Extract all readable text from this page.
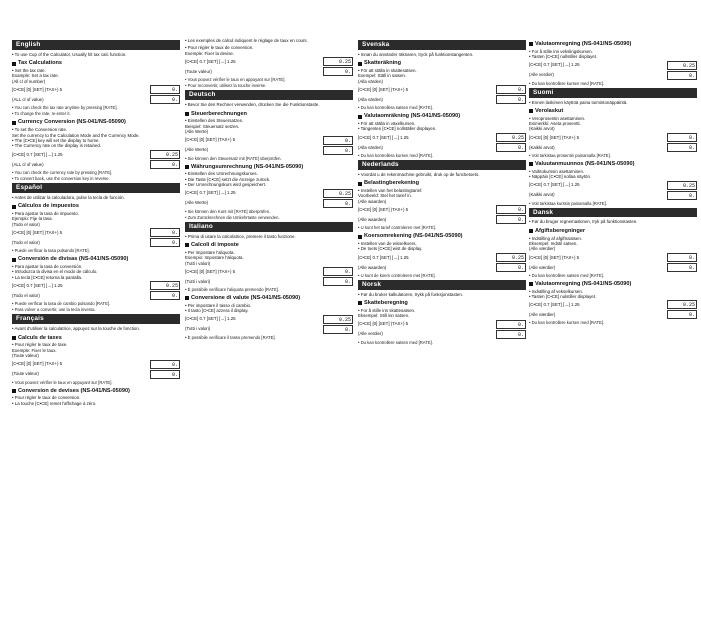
English
• To use Cup of the Calculator, Usually hit tax calc function.
Tax Calculations
• Set the tax rate.
Example: Set a tax rate.
(All cl of number)
[C•CE] [0] [SET] (TAX+) 5	0.
(ALL cl of value)	0.
• You can check the tax rate anytime by pressing [RATE].
• To change the rate, re-enter it.
Currency Conversion (NS-041/NS-05090)
• To set the Conversion rate.
Set the currency to the Calculation Mode and the Currency Mode.
• The [C•CE] key will set the display to home.
• The Currency rate on the display is retained.
[C•CE] 0.7 [SET] [→] 1.25	0.25
(ALL cl of value)	0.
• You can check the currency rate by pressing [RATE].
• To convert back, use the conversion key in reverse.
Español
• Antes de utilizar la calculadora, pulse la tecla de función.
Cálculos de impuestos
• Para ajustar la tasa de impuesto.
Ejemplo: Fije la tasa.
(Todo el valor)
[C•CE] [0] [SET] (TAX+) 5	0.
(Todo el valor)	0.
• Puede verificar la tasa pulsando [RATE].
Conversión de divisas (NS-041/NS-05090)
• Para ajustar la tasa de conversión.
• Introduzca la divisa en el modo de cálculo.
• La tecla [C•CE] retorna la pantalla.
[C•CE] 0.7 [SET] [→] 1.25	0.25
(Todo el valor)	0.
• Puede verificar la tasa de cambio pulsando [RATE].
• Para volver a convertir, use la tecla inversa.
Français
• Avant d'utiliser la calculatrice, appuyez sur la touche de fonction.
Calculs de taxes
• Pour régler le taux de taxe.
Exemple: Fixer le taux.
(Toute valeur)
[C•CE] [0] [SET] (TAX+) 5	0.
(Toute valeur)	0.
• Vous pouvez vérifier le taux en appuyant sur [RATE].
Conversion de devises (NS-041/NS-05090)
• Pour régler le taux de conversion.
• La touche [C•CE] remet l'affichage à zéro.
• Les exemples de calcul indiquent le réglage de taux en cours.
• Pour régler le taux de conversion.
Exemple: Fixer la devise.
[C•CE] 0.7 [SET] [→] 1.25	0.25
(Toute valeur)	0.
• Vous pouvez vérifier le taux en appuyant sur [RATE].
• Pour reconvertir, utilisez la touche inverse.
Deutsch
• Bevor Sie den Rechner verwenden, drücken Sie die Funktionstaste.
Steuerberechnungen
• Einstellen des Steuersatzes.
Beispiel: Steuersatz setzen.
(Alle Werte)
[C•CE] [0] [SET] (TAX+) 5	0.
(Alle Werte)	0.
• Sie können den Steuersatz mit [RATE] überprüfen.
Währungsumrechnung (NS-041/NS-05090)
• Einstellen des Umrechnungskurses.
• Die Taste [C•CE] setzt die Anzeige zurück.
• Der Umrechnungskurs wird gespeichert.
[C•CE] 0.7 [SET] [→] 1.25	0.25
(Alle Werte)	0.
• Sie können den Kurs mit [RATE] überprüfen.
• Zum Zurückrechnen die Umkehrtaste verwenden.
Italiano
• Prima di usare la calcolatrice, premere il tasto funzione.
Calcoli di imposte
• Per impostare l'aliquota.
Esempio: Impostare l'aliquota.
(Tutti i valori)
[C•CE] [0] [SET] (TAX+) 5	0.
(Tutti i valori)	0.
• È possibile verificare l'aliquota premendo [RATE].
Conversione di valute (NS-041/NS-05090)
• Per impostare il tasso di cambio.
• Il tasto [C•CE] azzera il display.
[C•CE] 0.7 [SET] [→] 1.25	0.25
(Tutti i valori)	0.
• È possibile verificare il tasso premendo [RATE].
Svenska
• Innan du använder räknaren, tryck på funktionstangenten.
Skatteräkning
• För att ställa in skattesatsen.
Exempel: Ställ in satsen.
(Alla värden)
[C•CE] [0] [SET] (TAX+) 5	0.
(Alla värden)	0.
• Du kan kontrollera satsen med [RATE].
Valutaomräkning (NS-041/NS-05090)
• För att ställa in växelkursen.
• Tangenten [C•CE] nollställer displayen.
[C•CE] 0.7 [SET] [→] 1.25	0.25
(Alla värden)	0.
• Du kan kontrollera kursen med [RATE].
Nederlands
• Voordat u de rekenmachine gebruikt, druk op de functietoets.
Belastingberekening
• Instellen van het belastingtarief.
Voorbeeld: Stel het tarief in.
(Alle waarden)
[C•CE] [0] [SET] (TAX+) 5	0.
(Alle waarden)	0.
• U kunt het tarief controleren met [RATE].
Koersomrekening (NS-041/NS-05090)
• Instellen van de wisselkoers.
• De toets [C•CE] wist de display.
[C•CE] 0.7 [SET] [→] 1.25	0.25
(Alle waarden)	0.
• U kunt de koers controleren met [RATE].
Norsk
• Før du bruker kalkulatoren, trykk på funksjonstasten.
Skatteberegning
• For å stille inn skattesatsen.
Eksempel: Still inn satsen.
[C•CE] [0] [SET] (TAX+) 5	0.
(Alle verdier)	0.
• Du kan kontrollere satsen med [RATE].
Valutaomregning (NS-041/NS-05090)
• For å stille inn vekslingskursen.
• Tasten [C•CE] nullstiller displayet.
[C•CE] 0.7 [SET] [→] 1.25	0.25
(Alle verdier)	0.
• Du kan kontrollere kursen med [RATE].
Suomi
• Ennen laskimen käyttöä paina toimintonäppäintä.
Verolaskut
• Veroprosentin asettaminen.
Esimerkki: Aseta prosentti.
(Kaikki arvot)
[C•CE] [0] [SET] (TAX+) 5	0.
(Kaikki arvot)	0.
• Voit tarkistaa prosentin painamalla [RATE].
Valuutanmuunnos (NS-041/NS-05090)
• Vaihtokurssin asettaminen.
• Näppäin [C•CE] nollaa näytön.
[C•CE] 0.7 [SET] [→] 1.25	0.25
(Kaikki arvot)	0.
• Voit tarkistaa kurssin painamalla [RATE].
Dansk
• Før du bruger regnemaskinen, tryk på funktionstasten.
Afgiftsberegninger
• Indstilling af afgiftssatsen.
Eksempel: Indstil satsen.
(Alle værdier)
[C•CE] [0] [SET] (TAX+) 5	0.
(Alle værdier)	0.
• Du kan kontrollere satsen med [RATE].
Valutaomregning (NS-041/NS-05090)
• Indstilling af vekselkursen.
• Tasten [C•CE] nulstiller displayet.
[C•CE] 0.7 [SET] [→] 1.25	0.25
(Alle værdier)	0.
• Du kan kontrollere kursen med [RATE].
